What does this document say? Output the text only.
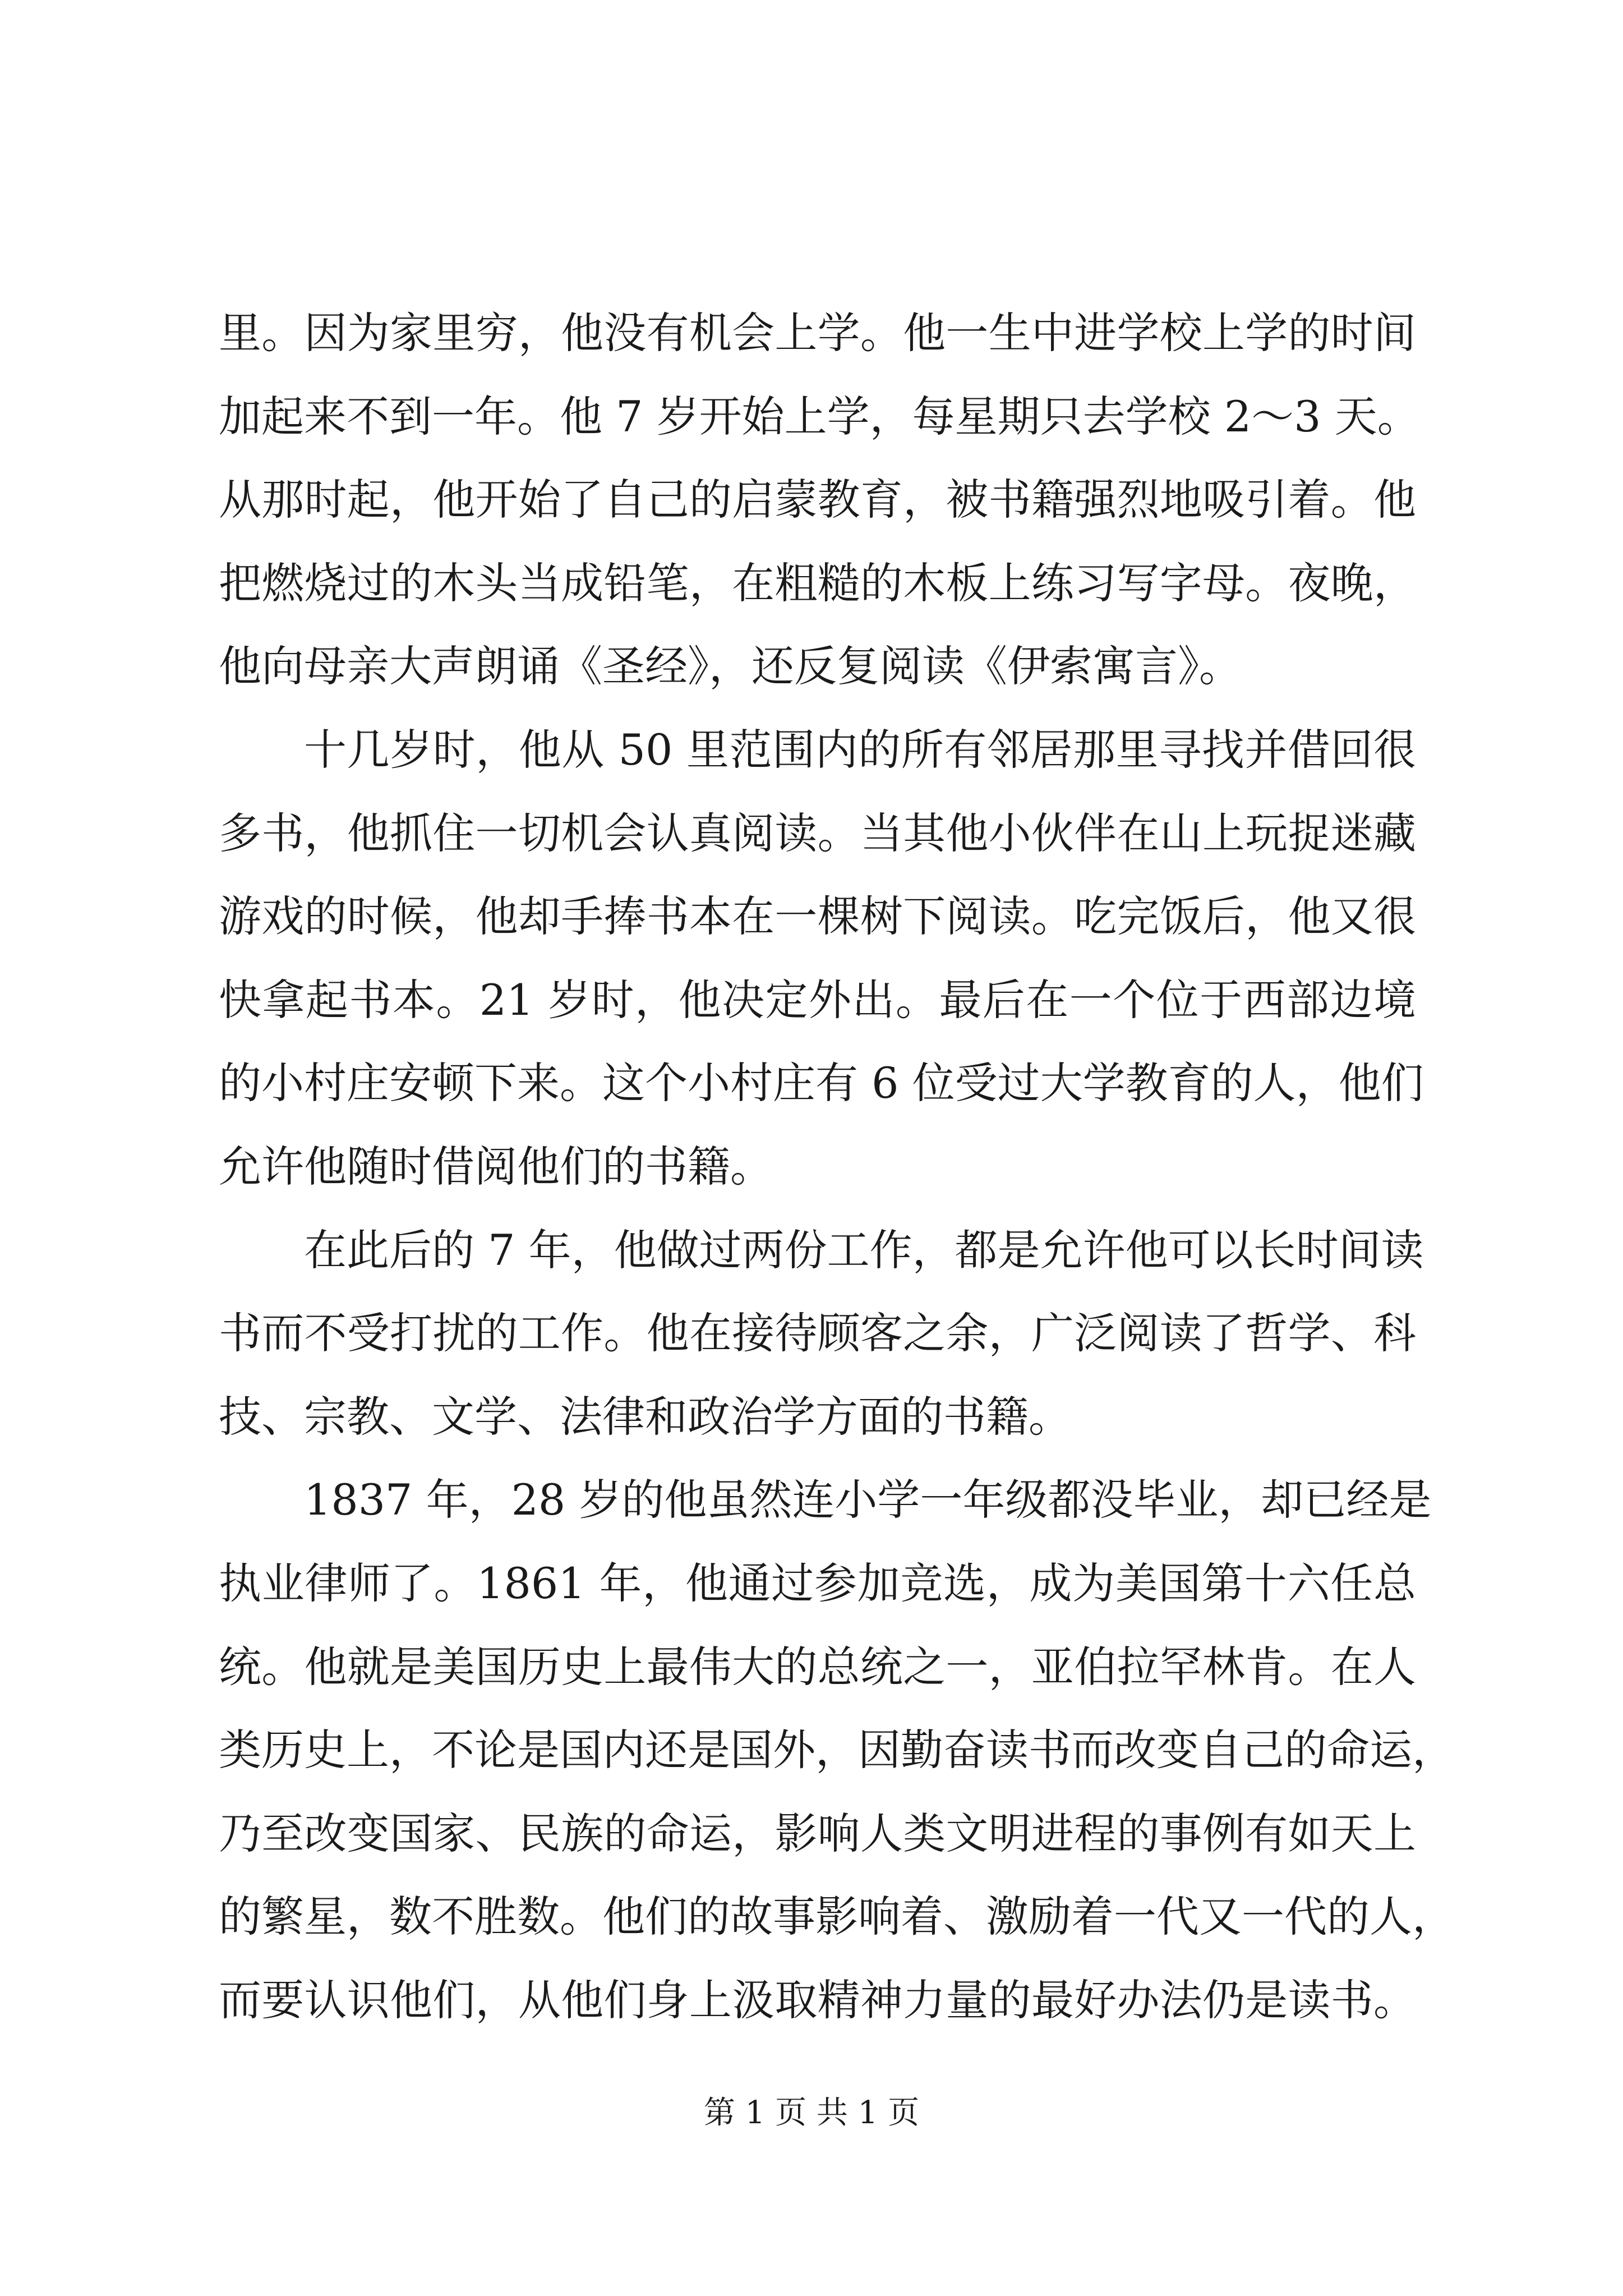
里。因为家里穷，他没有机会上学。他一生中进学校上学的时间
加起来不到一年。他 7 岁开始上学，每星期只去学校 2～3 天。
从那时起，他开始了自己的启蒙教育，被书籍强烈地吸引着。他
把燃烧过的木头当成铅笔，在粗糙的木板上练习写字母。夜晚，
他向母亲大声朗诵《圣经》，还反复阅读《伊索寓言》。
十几岁时，他从 50 里范围内的所有邻居那里寻找并借回很
多书，他抓住一切机会认真阅读。当其他小伙伴在山上玩捉迷藏
游戏的时候，他却手捧书本在一棵树下阅读。吃完饭后，他又很
快拿起书本。21 岁时，他决定外出。最后在一个位于西部边境
的小村庄安顿下来。这个小村庄有 6 位受过大学教育的人，他们
允许他随时借阅他们的书籍。
在此后的 7 年，他做过两份工作，都是允许他可以长时间读
书而不受打扰的工作。他在接待顾客之余，广泛阅读了哲学、科
技、宗教、文学、法律和政治学方面的书籍。
1837 年，28 岁的他虽然连小学一年级都没毕业，却已经是
执业律师了。1861 年，他通过参加竞选，成为美国第十六任总
统。他就是美国历史上最伟大的总统之一，亚伯拉罕林肯。在人
类历史上，不论是国内还是国外，因勤奋读书而改变自己的命运，
乃至改变国家、民族的命运，影响人类文明进程的事例有如天上
的繁星，数不胜数。他们的故事影响着、激励着一代又一代的人，
而要认识他们，从他们身上汲取精神力量的最好办法仍是读书。
第 1 页 共 1 页
